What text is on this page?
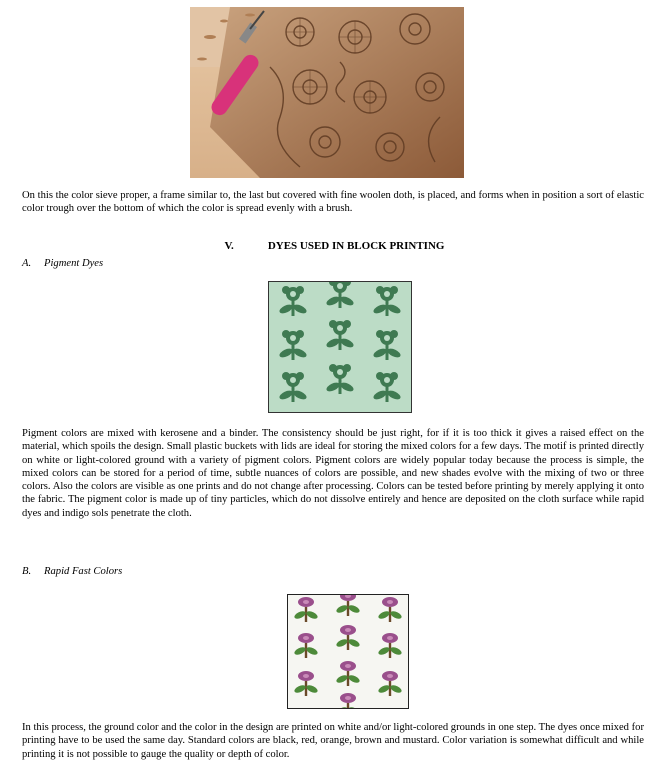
On this the color sieve proper, a frame similar to, the last but covered with fine woolen doth, is placed, and forms when in position a sort of elastic color trough over the bottom of which the color is spread evenly with a brush.

V.	DYES USED IN BLOCK PRINTING

A. Pigment Dyes

Pigment colors are mixed with kerosene and a binder. The consistency should be just right, for if it is too thick it gives a raised effect on the material, which spoils the design. Small plastic buckets with lids are ideal for storing the mixed colors for a few days. The motif is printed directly on white or light-colored ground with a variety of pigment colors. Pigment colors are widely popular today because the process is simple, the mixed colors can be stored for a period of time, subtle nuances of colors are possible, and new shades evolve with the mixing of two or three colors. Also the colors are visible as one prints and do not change after processing. Colors can be tested before printing by merely applying it onto the fabric. The pigment color is made up of tiny particles, which do not dissolve entirely and hence are deposited on the cloth surface while rapid dyes and indigo sols penetrate the cloth.

B. Rapid Fast Colors

In this process, the ground color and the color in the design are printed on white and/or light-colored grounds in one step. The dyes once mixed for printing have to be used the same day. Standard colors are black, red, orange, brown and mustard. Color variation is somewhat difficult and while printing it is not possible to gauge the quality or depth of color.
